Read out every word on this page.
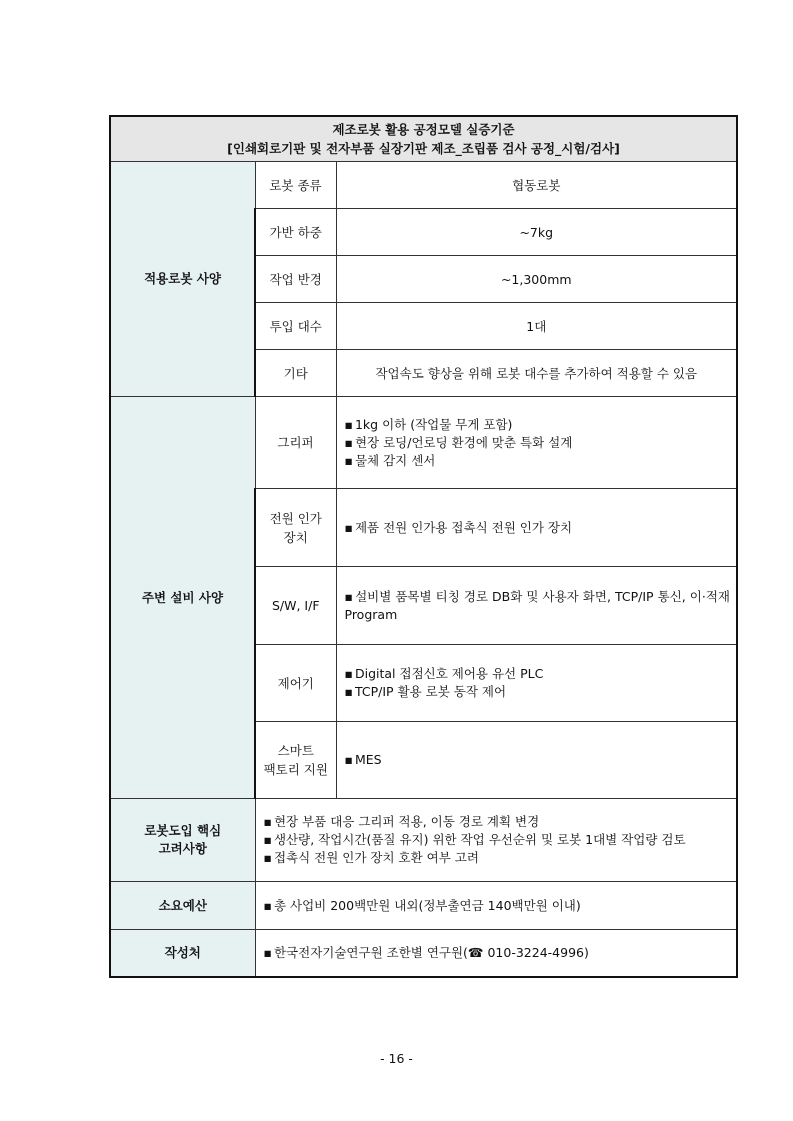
제조로봇 활용 공정모델 실증기준
[인쇄회로기판 및 전자부품 실장기판 제조_조립품 검사 공정_시험/검사]		
적용로봇 사양	로봇 종류	협동로봇
	가반 하중	~7kg
	작업 반경	~1,300mm
	투입 대수	1대
	기타	작업속도 향상을 위해 로봇 대수를 추가하여 적용할 수 있음
주변 설비 사양	그리퍼	▪ 1kg 이하 (작업물 무게 포함)
▪ 현장 로딩/언로딩 환경에 맞춘 특화 설계
▪ 물체 감지 센서

	전원 인가
장치	▪ 제품 전원 인가용 접촉식 전원 인가 장치

	S/W, I/F	▪ 설비별 품목별 티칭 경로 DB화 및 사용자 화면, TCP/IP 통신, 이·적재 Program

	제어기	▪ Digital 접점신호 제어용 유선 PLC
▪ TCP/IP 활용 로봇 동작 제어

	스마트
팩토리 지원	▪ MES

로봇도입 핵심
고려사항	▪ 현장 부품 대응 그리퍼 적용, 이동 경로 계획 변경
▪ 생산량, 작업시간(품질 유지) 위한 작업 우선순위 및 로봇 1대별 작업량 검토
▪ 접촉식 전원 인가 장치 호환 여부 고려

소요예산	▪ 총 사업비 200백만원 내외(정부출연금 140백만원 이내)

작성처	▪ 한국전자기술연구원 조한별 연구원(☎ 010-3224-4996)
- 16 -
